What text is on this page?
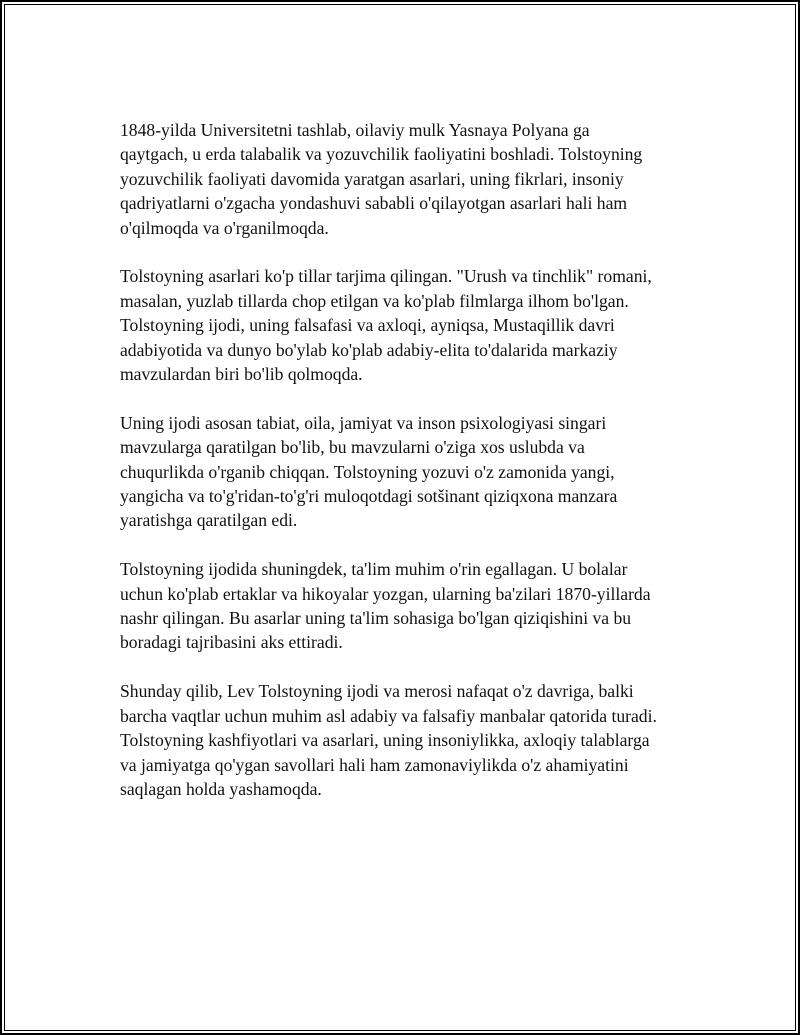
1848-yilda Universitetni tashlab, oilaviy mulk Yasnaya Polyana ga
qaytgach, u erda talabalik va yozuvchilik faoliyatini boshladi. Tolstoyning
yozuvchilik faoliyati davomida yaratgan asarlari, uning fikrlari, insoniy
qadriyatlarni o'zgacha yondashuvi sababli o'qilayotgan asarlari hali ham
o'qilmoqda va o'rganilmoqda.

Tolstoyning asarlari ko'p tillar tarjima qilingan. "Urush va tinchlik" romani,
masalan, yuzlab tillarda chop etilgan va ko'plab filmlarga ilhom bo'lgan.
Tolstoyning ijodi, uning falsafasi va axloqi, ayniqsa, Mustaqillik davri
adabiyotida va dunyo bo'ylab ko'plab adabiy-elita to'dalarida markaziy
mavzulardan biri bo'lib qolmoqda.

Uning ijodi asosan tabiat, oila, jamiyat va inson psixologiyasi singari
mavzularga qaratilgan bo'lib, bu mavzularni o'ziga xos uslubda va
chuqurlikda o'rganib chiqqan. Tolstoyning yozuvi o'z zamonida yangi,
yangicha va to'g'ridan-to'g'ri muloqotdagi sotšinant qiziqxona manzara
yaratishga qaratilgan edi.

Tolstoyning ijodida shuningdek, ta'lim muhim o'rin egallagan. U bolalar
uchun ko'plab ertaklar va hikoyalar yozgan, ularning ba'zilari 1870-yillarda
nashr qilingan. Bu asarlar uning ta'lim sohasiga bo'lgan qiziqishini va bu
boradagi tajribasini aks ettiradi.

Shunday qilib, Lev Tolstoyning ijodi va merosi nafaqat o'z davriga, balki
barcha vaqtlar uchun muhim asl adabiy va falsafiy manbalar qatorida turadi.
Tolstoyning kashfiyotlari va asarlari, uning insoniylikka, axloqiy talablarga
va jamiyatga qo'ygan savollari hali ham zamonaviylikda o'z ahamiyatini
saqlagan holda yashamoqda.
